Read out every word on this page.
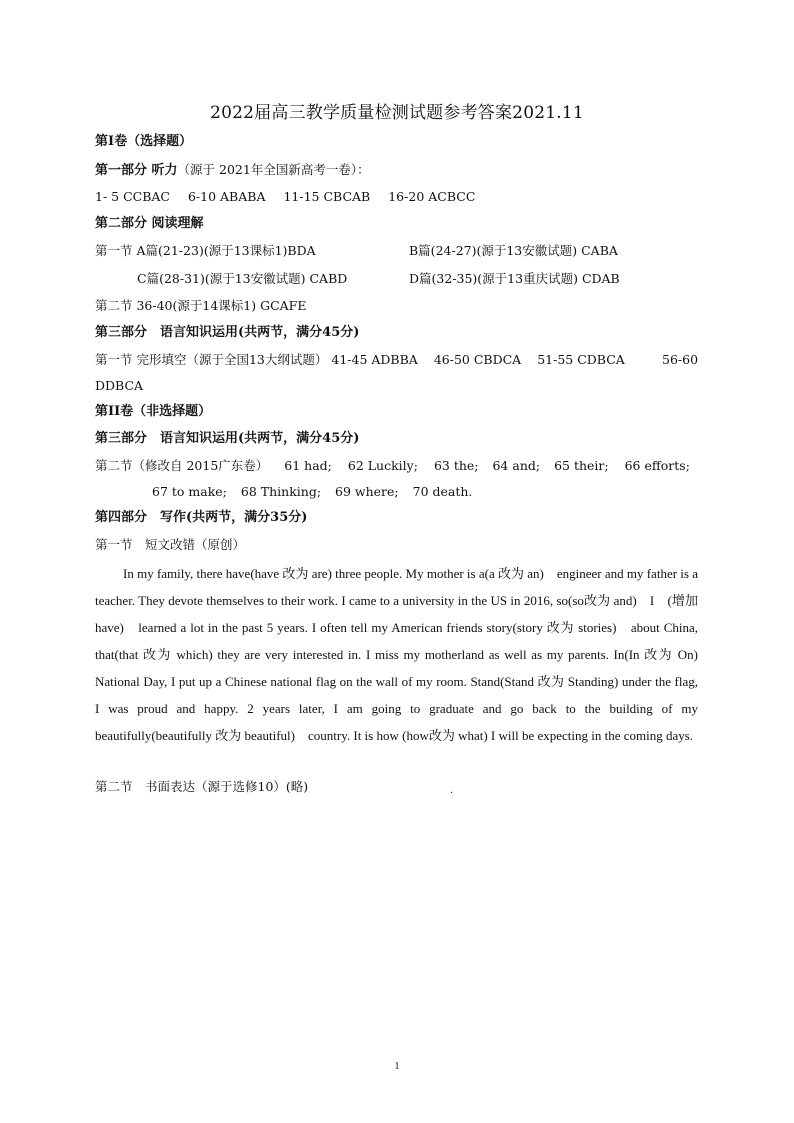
2022届高三教学质量检测试题参考答案2021.11
第I卷（选择题）
第一部分 听力（源于 2021年全国新高考一卷）：
1- 5 CCBAC 6-10 ABABA 11-15 CBCAB 16-20 ACBCC
第二部分 阅读理解
第一节 A篇(21-23)(源于13课标1)BDA	B篇(24-27)(源于13安徽试题) CABA
C篇(28-31)(源于13安徽试题) CABD	D篇(32-35)(源于13重庆试题) CDAB
第二节 36-40(源于14课标1) GCAFE
第三部分　语言知识运用(共两节，满分45分)
第一节 完形填空（源于全国13大纲试题） 41-45 ADBBA 46-50 CBDCA 51-55 CDBCA	56-60
DDBCA
第II卷（非选择题）
第三部分　语言知识运用(共两节，满分45分)
第二节（修改自 2015广东卷） 61 had; 62 Luckily; 63 the; 64 and; 65 their; 66 efforts;
67 to make; 68 Thinking; 69 where; 70 death.
第四部分　写作(共两节，满分35分)
第一节　短文改错（原创）
In my family, there have(have 改为 are) three people. My mother is a(a 改为 an)　engineer and my father is a teacher. They devote themselves to their work. I came to a university in the US in 2016, so(so改为 and)　I　(增加 have)　learned a lot in the past 5 years. I often tell my American friends story(story 改为 stories)　about China, that(that 改为 which) they are very interested in. I miss my motherland as well as my parents. In(In 改为 On) National Day, I put up a Chinese national flag on the wall of my room. Stand(Stand 改为 Standing) under the flag, I was proud and happy. 2 years later, I am going to graduate and go back to the building of my beautifully(beautifully 改为 beautiful)　country. It is how (how改为 what) I will be expecting in the coming days.
第二节　书面表达（源于选修10）(略)	.
1
